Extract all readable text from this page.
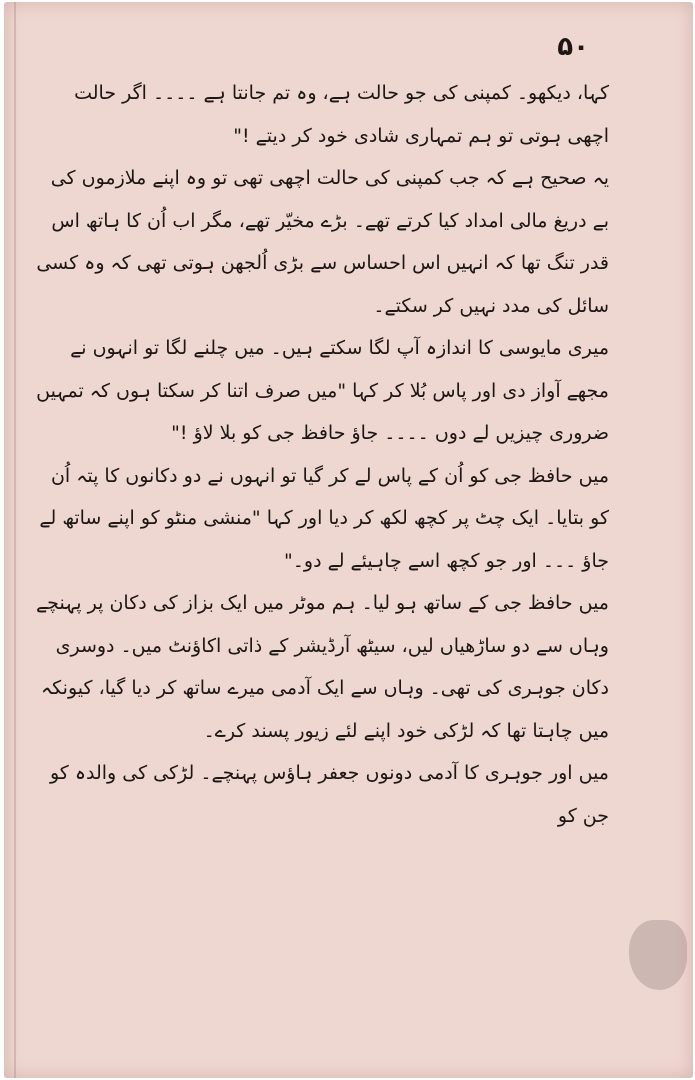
۵۰

کہا، دیکھو۔ کمپنی کی جو حالت ہے، وہ تم جانتا ہے ۔۔۔۔ اگر حالت اچھی ہوتی تو ہم تمہاری شادی خود کر دیتے !"

یہ صحیح ہے کہ جب کمپنی کی حالت اچھی تھی تو وہ اپنے ملازموں کی بے دریغ مالی امداد کیا کرتے تھے۔ بڑے مخیّر تھے، مگر اب اُن کا ہاتھ اس قدر تنگ تھا کہ انہیں اس احساس سے بڑی اُلجھن ہوتی تھی کہ وہ کسی سائل کی مدد نہیں کر سکتے۔

میری مایوسی کا اندازہ آپ لگا سکتے ہیں۔ میں چلنے لگا تو انہوں نے مجھے آواز دی اور پاس بُلا کر کہا "میں صرف اتنا کر سکتا ہوں کہ تمہیں ضروری چیزیں لے دوں ۔۔۔۔ جاؤ حافظ جی کو بلا لاؤ !"

میں حافظ جی کو اُن کے پاس لے کر گیا تو انہوں نے دو دکانوں کا پتہ اُن کو بتایا۔ ایک چٹ پر کچھ لکھ کر دیا اور کہا "منشی منٹو کو اپنے ساتھ لے جاؤ ۔۔۔ اور جو کچھ اسے چاہیئے لے دو۔"

میں حافظ جی کے ساتھ ہو لیا۔ ہم موٹر میں ایک بزاز کی دکان پر پہنچے وہاں سے دو ساڑھیاں لیں، سیٹھ آرڈیشر کے ذاتی اکاؤنٹ میں۔ دوسری دکان جوہری کی تھی۔ وہاں سے ایک آدمی میرے ساتھ کر دیا گیا، کیونکہ میں چاہتا تھا کہ لڑکی خود اپنے لئے زیور پسند کرے۔

میں اور جوہری کا آدمی دونوں جعفر ہاؤس پہنچے۔ لڑکی کی والدہ کو جن کو
